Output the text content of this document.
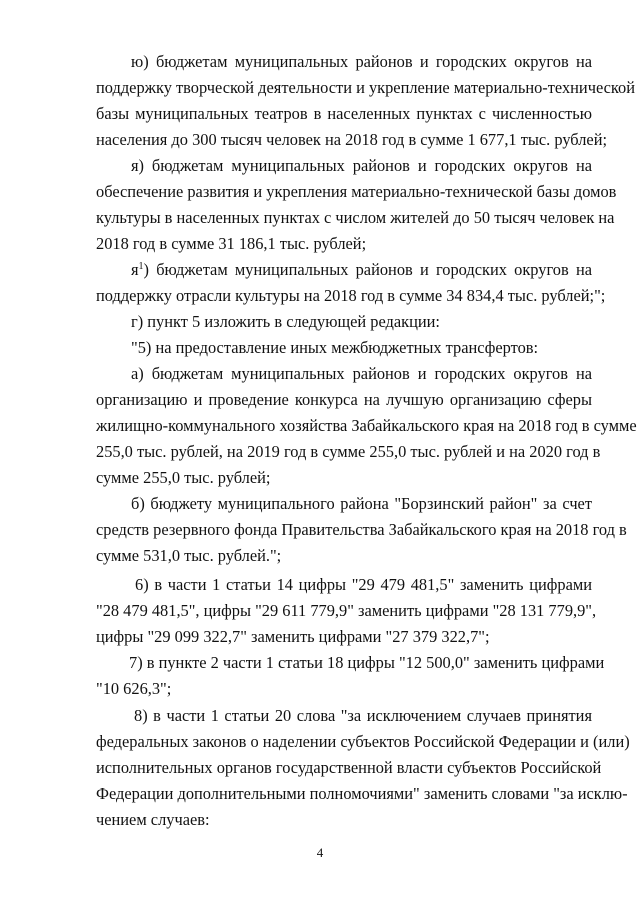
ю) бюджетам муниципальных районов и городских округов на
поддержку творческой деятельности и укрепление материально-технической
базы муниципальных театров в населенных пунктах с численностью
населения до 300 тысяч человек на 2018 год в сумме 1 677,1 тыс. рублей;
я) бюджетам муниципальных районов и городских округов на
обеспечение развития и укрепления материально-технической базы домов
культуры в населенных пунктах с числом жителей до 50 тысяч человек на
2018 год в сумме 31 186,1 тыс. рублей;
$я^1$) бюджетам муниципальных районов и городских округов на
поддержку отрасли культуры на 2018 год в сумме 34 834,4 тыс. рублей;";
г) пункт 5 изложить в следующей редакции:
"5) на предоставление иных межбюджетных трансфертов:
а) бюджетам муниципальных районов и городских округов на
организацию и проведение конкурса на лучшую организацию сферы
жилищно-коммунального хозяйства Забайкальского края на 2018 год в сумме
255,0 тыс. рублей, на 2019 год в сумме 255,0 тыс. рублей и на 2020 год в
сумме 255,0 тыс. рублей;
б) бюджету муниципального района "Борзинский район" за счет
средств резервного фонда Правительства Забайкальского края на 2018 год в
сумме 531,0 тыс. рублей.";
6) в части 1 статьи 14 цифры "29 479 481,5" заменить цифрами
"28 479 481,5", цифры "29 611 779,9" заменить цифрами "28 131 779,9",
цифры "29 099 322,7" заменить цифрами "27 379 322,7";
7) в пункте 2 части 1 статьи 18 цифры "12 500,0" заменить цифрами
"10 626,3";
8) в части 1 статьи 20 слова "за исключением случаев принятия
федеральных законов о наделении субъектов Российской Федерации и (или)
исполнительных органов государственной власти субъектов Российской
Федерации дополнительными полномочиями" заменить словами "за исклю-
чением случаев:
4
